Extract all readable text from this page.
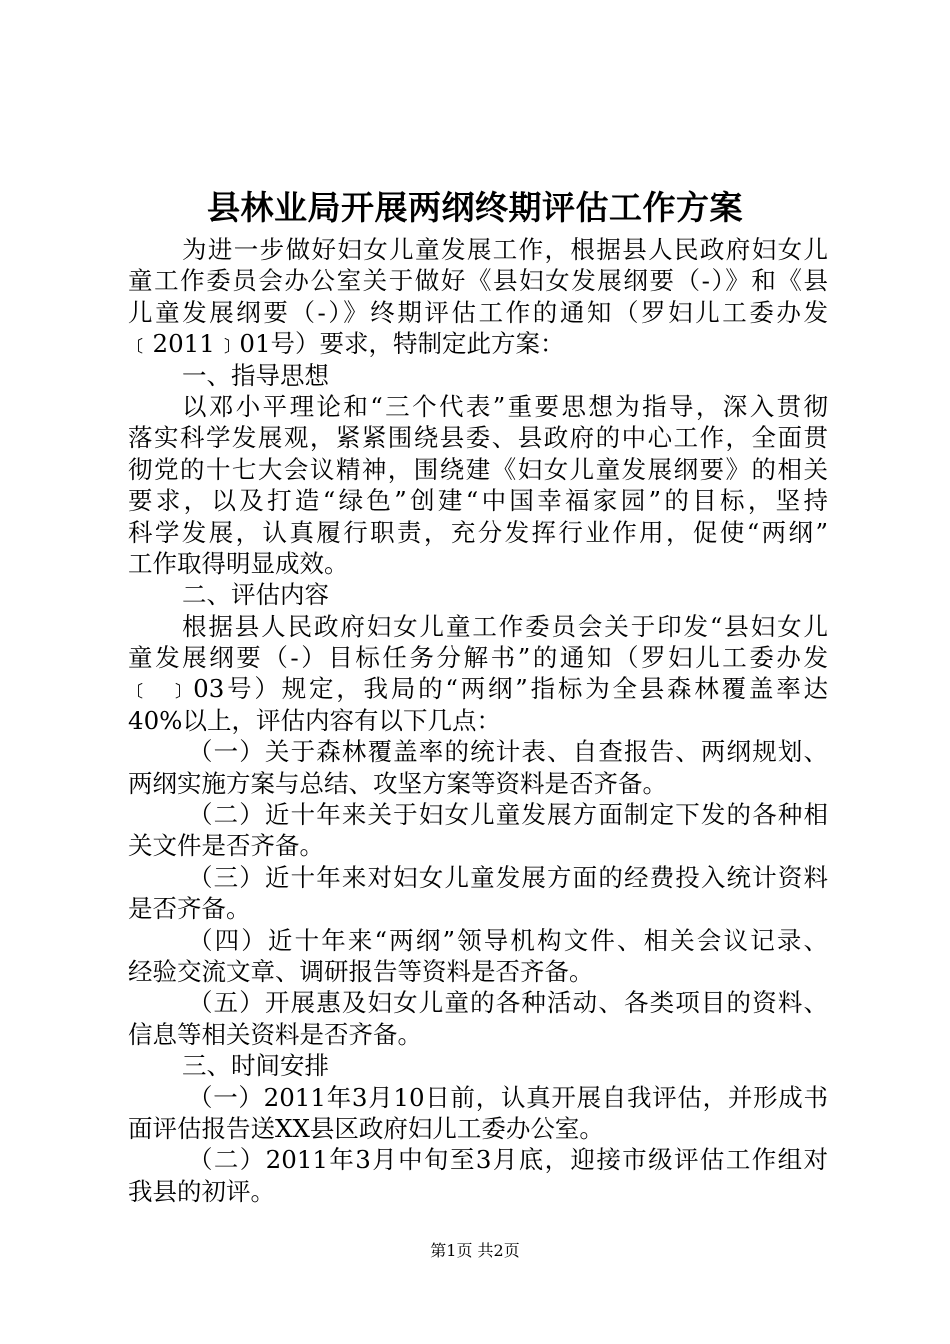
县林业局开展两纲终期评估工作方案
为进一步做好妇女儿童发展工作，根据县人民政府妇女儿
童工作委员会办公室关于做好《县妇女发展纲要（-）》和《县
儿童发展纲要（-）》终期评估工作的通知（罗妇儿工委办发
﹝2011﹞01号）要求，特制定此方案：
一、指导思想
以邓小平理论和“三个代表”重要思想为指导，深入贯彻
落实科学发展观，紧紧围绕县委、县政府的中心工作，全面贯
彻党的十七大会议精神，围绕建《妇女儿童发展纲要》的相关
要求，以及打造“绿色”创建“中国幸福家园”的目标，坚持
科学发展，认真履行职责，充分发挥行业作用，促使“两纲”
工作取得明显成效。
二、评估内容
根据县人民政府妇女儿童工作委员会关于印发“县妇女儿
童发展纲要（-）目标任务分解书”的通知（罗妇儿工委办发
﹝ ﹞03号）规定，我局的“两纲”指标为全县森林覆盖率达
40%以上，评估内容有以下几点：
（一）关于森林覆盖率的统计表、自查报告、两纲规划、
两纲实施方案与总结、攻坚方案等资料是否齐备。
（二）近十年来关于妇女儿童发展方面制定下发的各种相
关文件是否齐备。
（三）近十年来对妇女儿童发展方面的经费投入统计资料
是否齐备。
（四）近十年来“两纲”领导机构文件、相关会议记录、
经验交流文章、调研报告等资料是否齐备。
（五）开展惠及妇女儿童的各种活动、各类项目的资料、
信息等相关资料是否齐备。
三、时间安排
（一）2011年3月10日前，认真开展自我评估，并形成书
面评估报告送XX县区政府妇儿工委办公室。
（二）2011年3月中旬至3月底，迎接市级评估工作组对
我县的初评。
第1页 共2页
